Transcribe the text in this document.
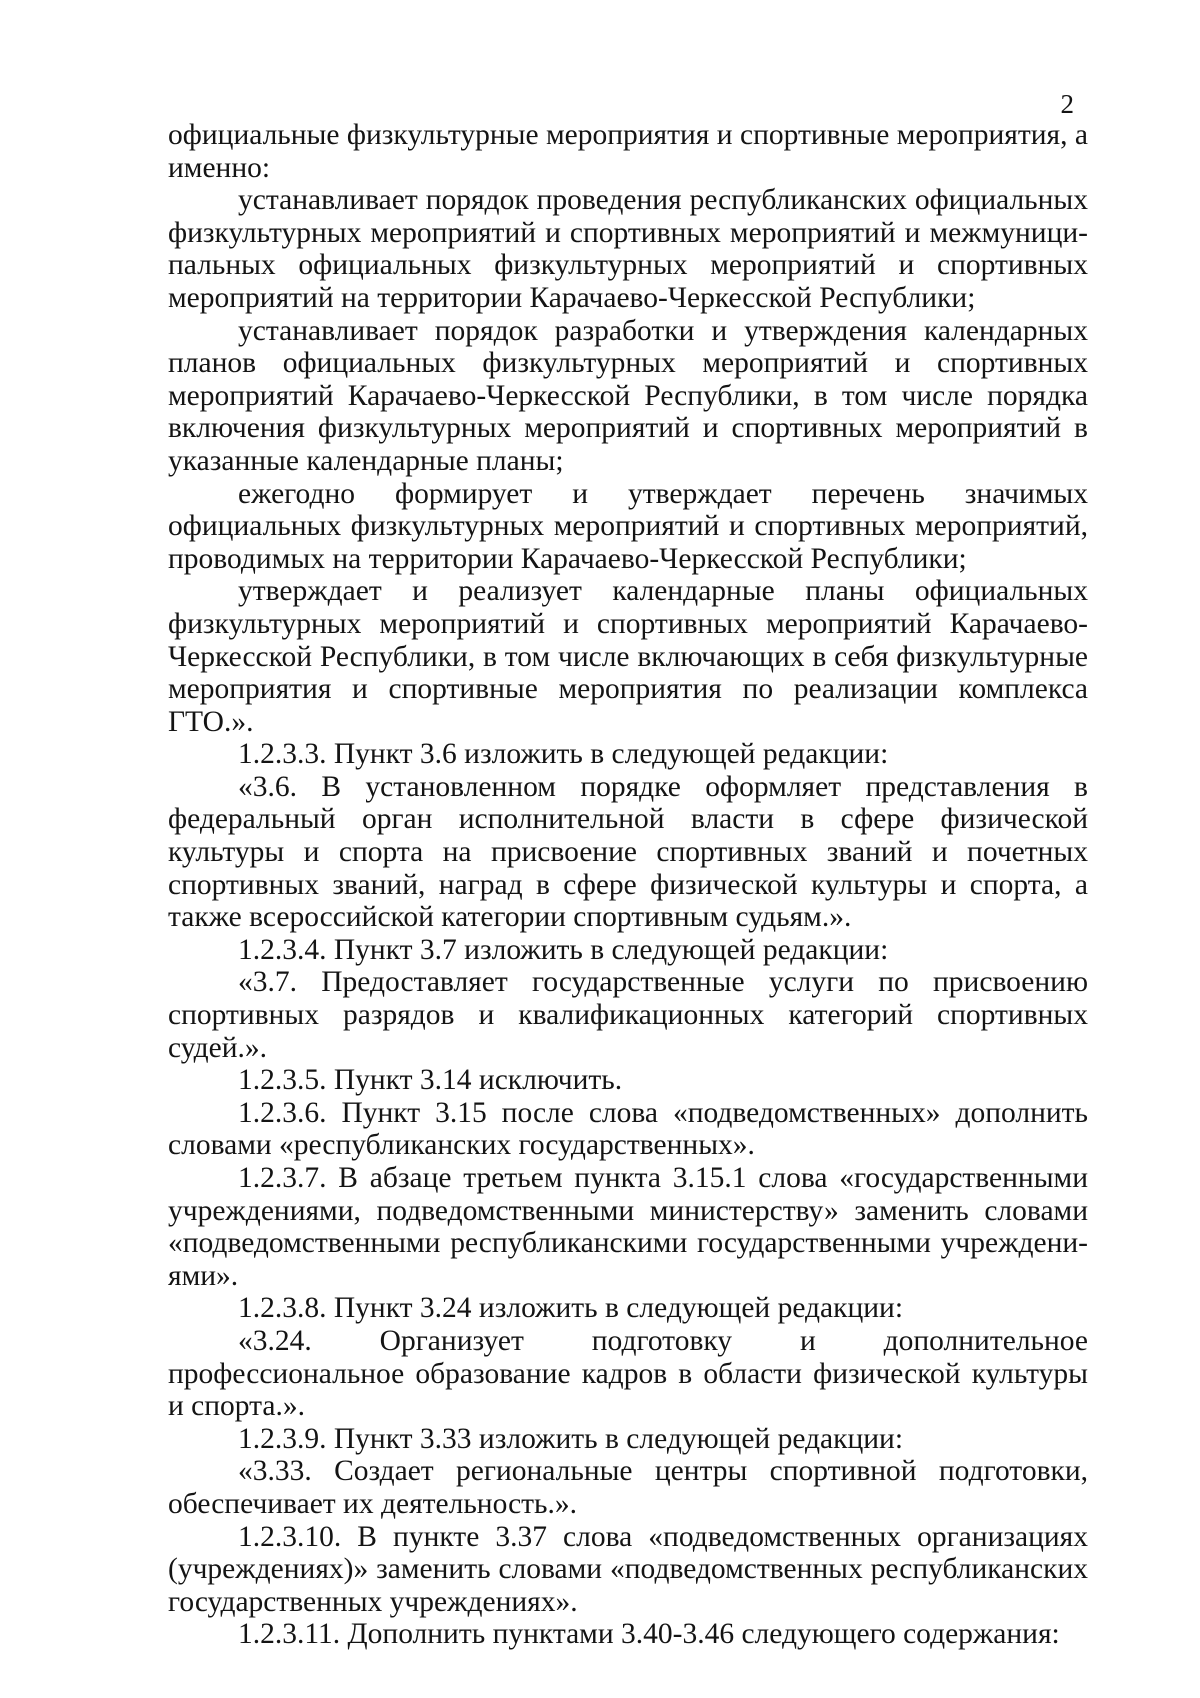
2

официальные физкультурные мероприятия и спортивные мероприятия, а именно:

устанавливает порядок проведения республиканских официальных физкультурных мероприятий и спортивных мероприятий и межмуниципальных официальных физкультурных мероприятий и спортивных мероприятий на территории Карачаево-Черкесской Республики;

устанавливает порядок разработки и утверждения календарных планов официальных физкультурных мероприятий и спортивных мероприятий Карачаево-Черкесской Республики, в том числе порядка включения физкультурных мероприятий и спортивных мероприятий в указанные календарные планы;

ежегодно формирует и утверждает перечень значимых официальных физкультурных мероприятий и спортивных мероприятий, проводимых на территории Карачаево-Черкесской Республики;

утверждает и реализует календарные планы официальных физкультурных мероприятий и спортивных мероприятий Карачаево- Черкесской Республики, в том числе включающих в себя физкультурные мероприятия и спортивные мероприятия по реализации комплекса ГТО.».

1.2.3.3. Пункт 3.6 изложить в следующей редакции:

«3.6. В установленном порядке оформляет представления в федеральный орган исполнительной власти в сфере физической культуры и спорта на присвоение спортивных званий и почетных спортивных званий, наград в сфере физической культуры и спорта, а также всероссийской категории спортивным судьям.».

1.2.3.4. Пункт 3.7 изложить в следующей редакции:

«3.7. Предоставляет государственные услуги по присвоению спортивных разрядов и квалификационных категорий спортивных судей.».

1.2.3.5. Пункт 3.14 исключить.

1.2.3.6. Пункт 3.15 после слова «подведомственных» дополнить словами «республиканских государственных».

1.2.3.7. В абзаце третьем пункта 3.15.1 слова «государственными учреждениями, подведомственными министерству» заменить словами «подведомственными республиканскими государственными учреждениями».

1.2.3.8. Пункт 3.24 изложить в следующей редакции:

«3.24. Организует подготовку и дополнительное профессиональное образование кадров в области физической культуры и спорта.».

1.2.3.9. Пункт 3.33 изложить в следующей редакции:

«3.33. Создает региональные центры спортивной подготовки, обеспечивает их деятельность.».

1.2.3.10. В пункте 3.37 слова «подведомственных организациях (учреждениях)» заменить словами «подведомственных республиканских государственных учреждениях».

1.2.3.11. Дополнить пунктами 3.40-3.46 следующего содержания:
